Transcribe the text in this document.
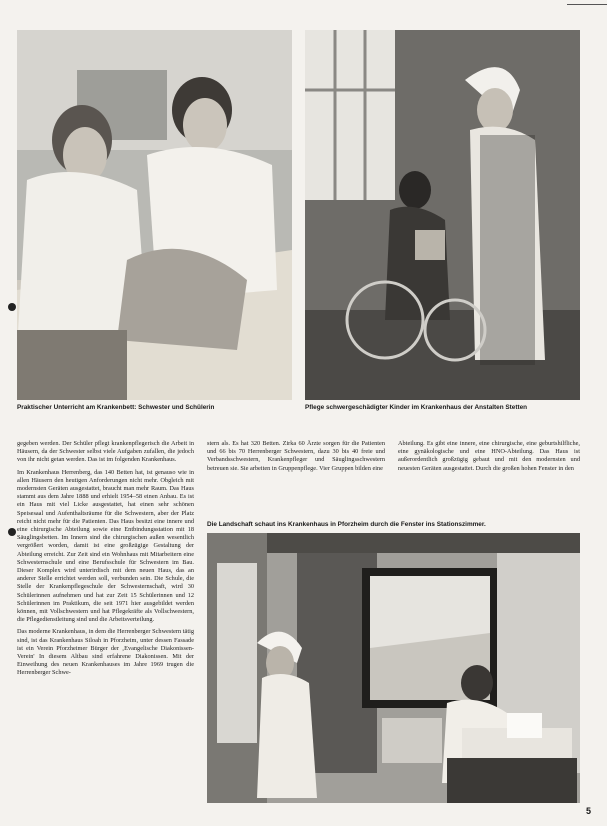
Praktischer Unterricht am Krankenbett: Schwester und Schülerin	Pflege schwergeschädigter Kinder im Krankenhaus der Anstalten Stetten

gegeben werden. Der Schüler pflegt krankenpflegerisch die Arbeit in Häusern, da der Schwester selbst viele Aufgaben zufallen, die jedoch von ihr nicht getan werden. Das ist im folgenden Krankenhaus.

Im Krankenhaus Herrenberg, das 140 Betten hat, ist genauso wie in allen Häusern den heutigen Anforderungen nicht mehr. Obgleich mit modernsten Geräten ausgestattet, braucht man mehr Raum. Das Haus stammt aus dem Jahre 1888 und erhielt 1954–58 einen Anbau. Es ist ein Haus mit viel Licke ausgestattet, hat einen sehr schönen Speisesaal und Aufenthaltsräume für die Schwestern, aber der Platz reicht nicht mehr für die Patienten. Das Haus besitzt eine innere und eine chirurgische Abteilung sowie eine Entbindungsstation mit 18 Säuglingsbetten. Im Innern sind die chirurgischen außen wesentlich vergrößert worden, damit ist eine großzügige Gestaltung der Abteilung erreicht. Zur Zeit sind ein Wohnhaus mit Mitarbeitern eine Schwesternschule und eine Berufsschule für Schwestern im Bau. Dieser Komplex wird unterirdisch mit dem neuen Haus, das an anderer Stelle errichtet werden soll, verbunden sein. Die Schule, die Stelle der Krankenpflegeschule der Schwesternschaft, wird 30 Schülerinnen aufnehmen und hat zur Zeit 15 Schülerinnen und 12 Schülerinnen im Praktikum, die seit 1971 hier ausgebildet werden können, mit Vollschwestern und hat Pflegekräfte als Vollschwestern, die Pflegedienstleitung sind und die Arbeitsverteilung.

Das moderne Krankenhaus, in dem die Herrenberger Schwestern tätig sind, ist das Krankenhaus Siloah in Pforzheim, unter dessen Fassade ist ein Verein Pforzheimer Bürger der ‚Evangelische Diakonissen-Verein' In diesem Altbau sind erfahrene Diakonissen. Mit der Einweihung des neuen Krankenhauses im Jahre 1969 trugen die Herrenberger Schwe-

stern als. Es hat 320 Betten. Zirka 60 Ärzte sorgen für die Patienten und 66 bis 70 Herrenberger Schwestern, dazu 30 bis 40 freie und Verbandsschwestern, Krankenpfleger und Säuglingsschwestern betreuen sie. Sie arbeiten in Gruppenpflege. Vier Gruppen bilden eine

Abteilung. Es gibt eine innere, eine chirurgische, eine geburtshilfliche, eine gynäkologische und eine HNO-Abteilung. Das Haus ist außerordentlich großzügig gebaut und mit den modernsten und neuesten Geräten ausgestattet. Durch die großen hohen Fenster in den

Die Landschaft schaut ins Krankenhaus in Pforzheim durch die Fenster ins Stationszimmer.
5
